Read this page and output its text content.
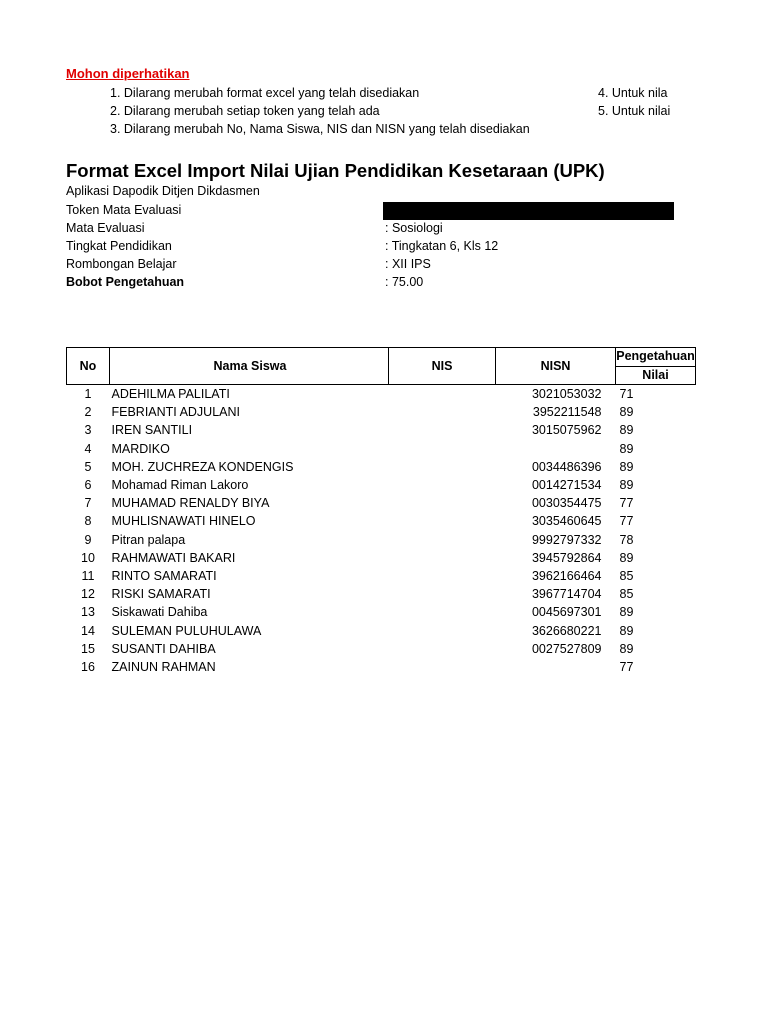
Mohon diperhatikan
1. Dilarang merubah format excel yang telah disediakan
2. Dilarang merubah setiap token yang telah ada
3. Dilarang merubah No, Nama Siswa, NIS dan NISN yang telah disediakan
4. Untuk nila
5. Untuk nilai
Format Excel Import Nilai Ujian Pendidikan Kesetaraan (UPK)
Aplikasi Dapodik Ditjen Dikdasmen
Token Mata Evaluasi
Mata Evaluasi	: Sosiologi
Tingkat Pendidikan	: Tingkatan 6, Kls 12
Rombongan Belajar	: XII IPS
Bobot Pengetahuan	: 75.00
No	Nama Siswa	NIS	NISN	Pengetahuan
				Nilai
1	ADEHILMA PALILATI		3021053032	71
2	FEBRIANTI ADJULANI		3952211548	89
3	IREN SANTILI		3015075962	89
4	MARDIKO			89
5	MOH. ZUCHREZA KONDENGIS		0034486396	89
6	Mohamad Riman Lakoro		0014271534	89
7	MUHAMAD RENALDY BIYA		0030354475	77
8	MUHLISNAWATI HINELO		3035460645	77
9	Pitran palapa		9992797332	78
10	RAHMAWATI BAKARI		3945792864	89
11	RINTO SAMARATI		3962166464	85
12	RISKI SAMARATI		3967714704	85
13	Siskawati Dahiba		0045697301	89
14	SULEMAN PULUHULAWA		3626680221	89
15	SUSANTI DAHIBA		0027527809	89
16	ZAINUN RAHMAN			77
